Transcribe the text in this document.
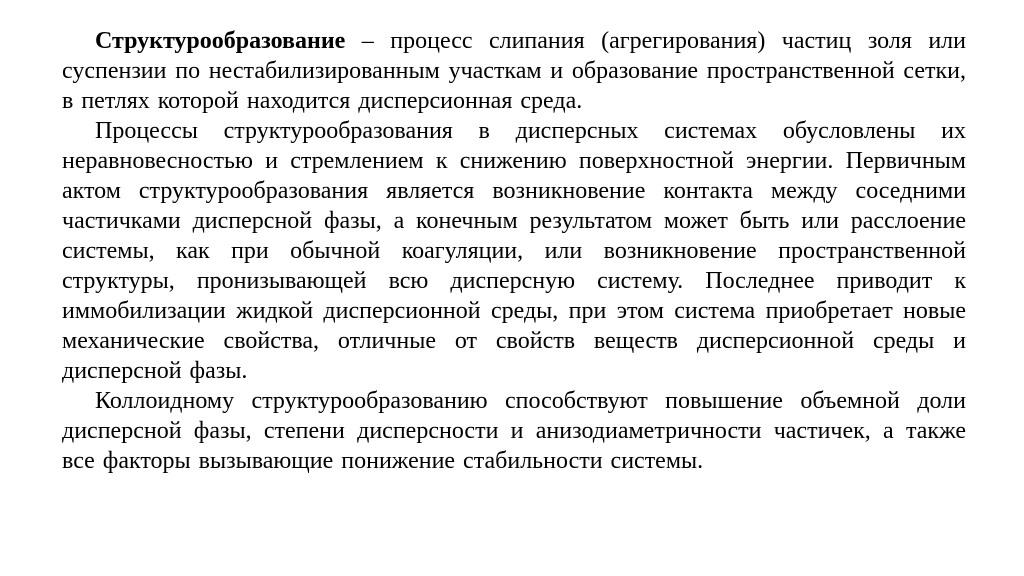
Структурообразование – процесс слипания (агрегирования) частиц золя или суспензии по нестабилизированным участкам и образование пространственной сетки, в петлях которой находится дисперсионная среда.

Процессы структурообразования в дисперсных системах обусловлены их неравновесностью и стремлением к снижению поверхностной энергии. Первичным актом структурообразования является возникновение контакта между соседними частичками дисперсной фазы, а конечным результатом может быть или расслоение системы, как при обычной коагуляции, или возникновение пространственной структуры, пронизывающей всю дисперсную систему. Последнее приводит к иммобилизации жидкой дисперсионной среды, при этом система приобретает новые механические свойства, отличные от свойств веществ дисперсионной среды и дисперсной фазы.

Коллоидному структурообразованию способствуют повышение объемной доли дисперсной фазы, степени дисперсности и анизодиаметричности частичек, а также все факторы вызывающие понижение стабильности системы.
